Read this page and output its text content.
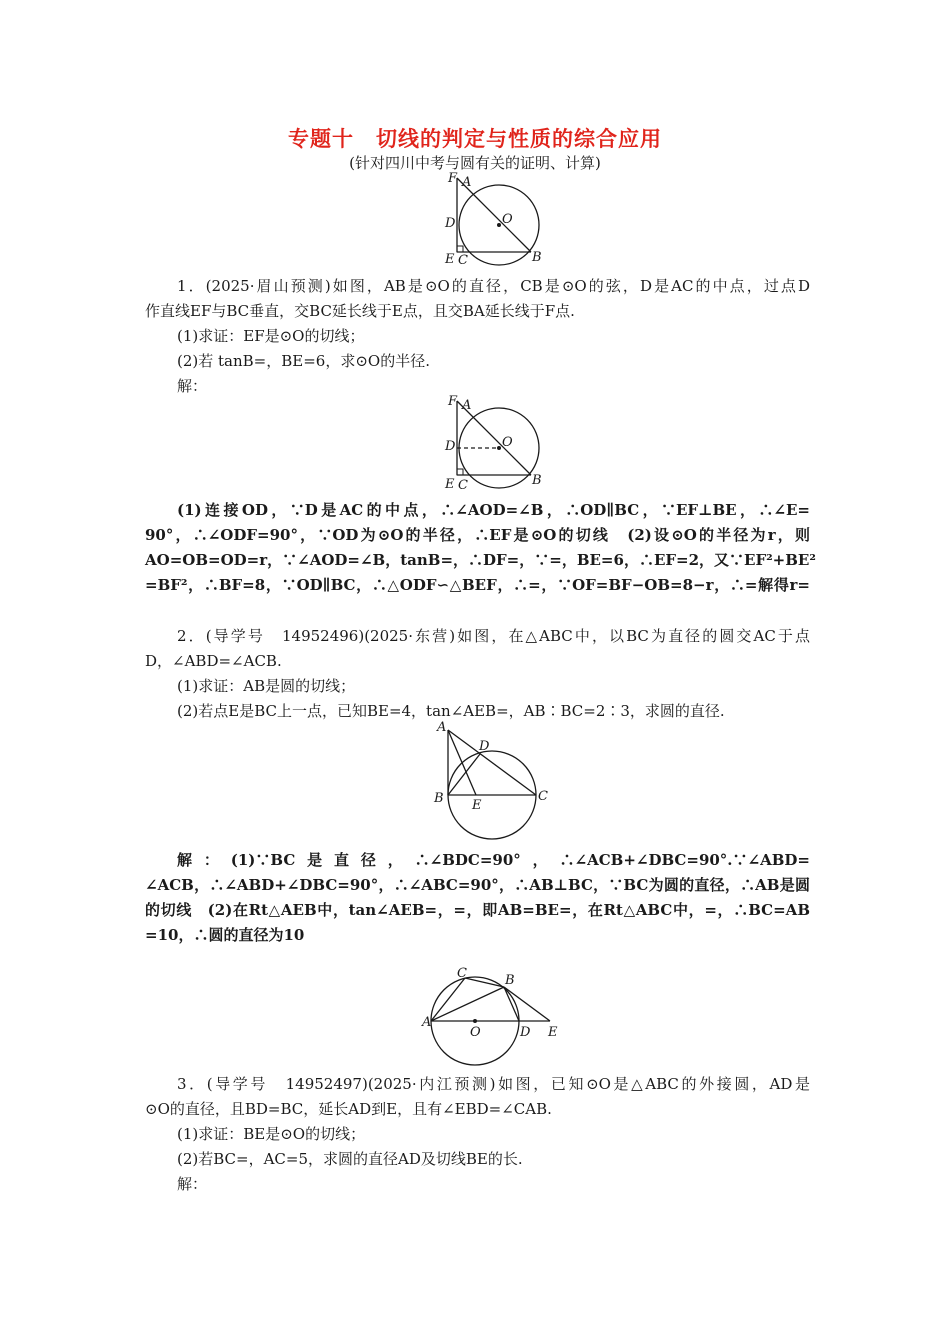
专题十　切线的判定与性质的综合应用
(针对四川中考与圆有关的证明、计算)
F A
D	O
E C	B
1．(2025·眉山预测)如图，AB是⊙O的直径，CB是⊙O的弦，D是AC的中点，过点D
作直线EF与BC垂直，交BC延长线于E点，且交BA延长线于F点.
(1)求证：EF是⊙O的切线；
(2)若 tanB=，BE=6，求⊙O的半径.
解：
F A
D	O
E C	B
(1)连接OD，∵D是AC的中点，∴∠AOD=∠B，∴OD∥BC，∵EF⊥BE，∴∠E=
90°，∴∠ODF=90°，∵OD为⊙O的半径，∴EF是⊙O的切线　(2)设⊙O的半径为r，则
AO=OB=OD=r，∵∠AOD=∠B，tanB=，∴DF=，∵=，BE=6，∴EF=2，又∵EF²+BE²
=BF²，∴BF=8，∵OD∥BC，∴△ODF∽△BEF，∴=，∵OF=BF−OB=8−r，∴=解得r=
2．(导学号　14952496)(2025·东营)如图，在△ABC中，以BC为直径的圆交AC于点
D，∠ABD=∠ACB.
(1)求证：AB是圆的切线；
(2)若点E是BC上一点，已知BE=4，tan∠AEB=，AB∶BC=2∶3，求圆的直径.
A
D
B E
C
解：(1)∵BC是直径，∴∠BDC=90°，∴∠ACB+∠DBC=90°.∵∠ABD=
∠ACB，∴∠ABD+∠DBC=90°，∴∠ABC=90°，∴AB⊥BC，∵BC为圆的直径，∴AB是圆
的切线　(2)在Rt△AEB中，tan∠AEB=，=，即AB=BE=，在Rt△ABC中，=，∴BC=AB
=10，∴圆的直径为10
C	B
A
O	D E
3．(导学号　14952497)(2025·内江预测)如图，已知⊙O是△ABC的外接圆，AD是
⊙O的直径，且BD=BC，延长AD到E，且有∠EBD=∠CAB.
(1)求证：BE是⊙O的切线；
(2)若BC=，AC=5，求圆的直径AD及切线BE的长.
解：
